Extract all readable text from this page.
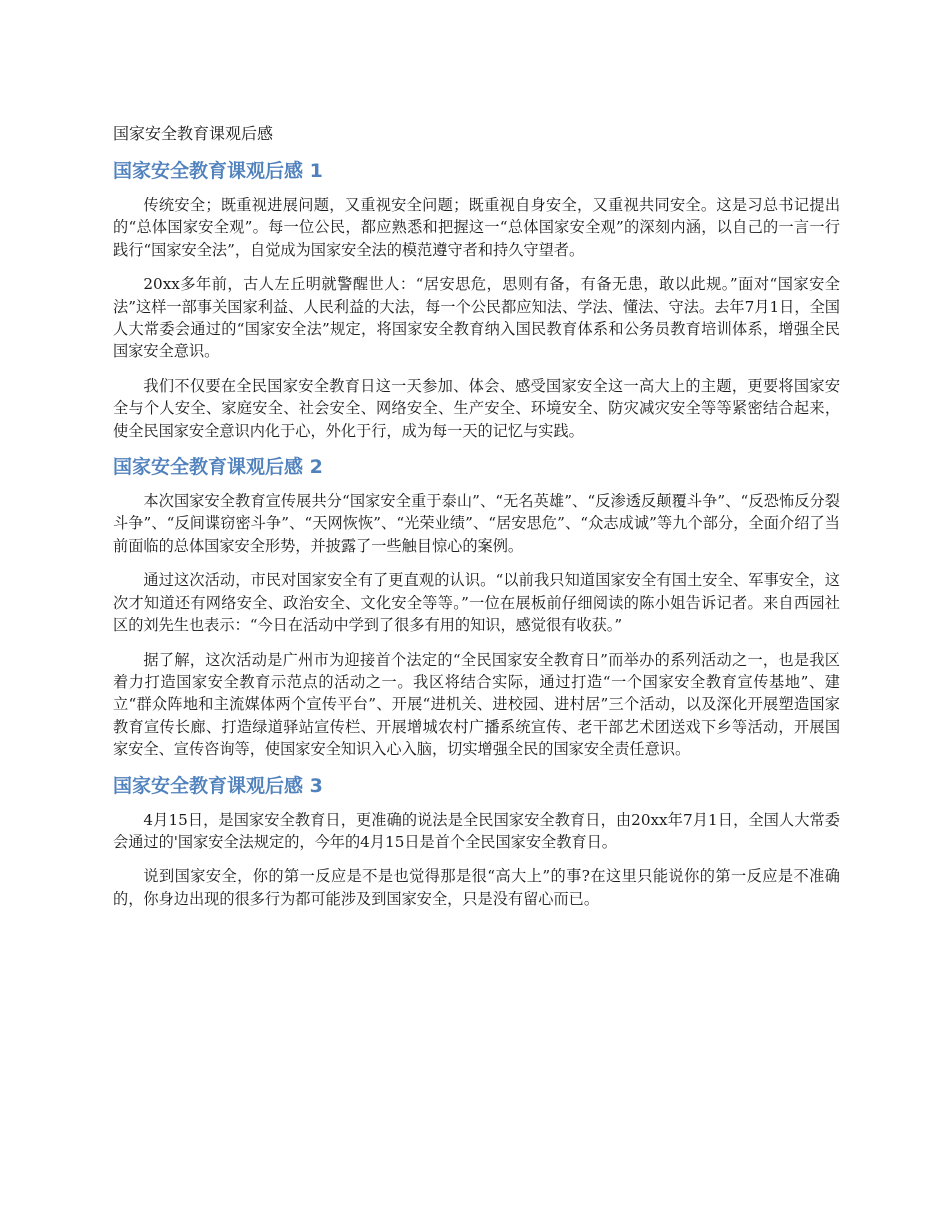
国家安全教育课观后感
国家安全教育课观后感 1

传统安全；既重视进展问题，又重视安全问题；既重视自身安全，又重视共同安全。这是习总书记提出的“总体国家安全观”。每一位公民，都应熟悉和把握这一“总体国家安全观”的深刻内涵，以自己的一言一行践行“国家安全法”，自觉成为国家安全法的模范遵守者和持久守望者。

20xx多年前，古人左丘明就警醒世人：“居安思危，思则有备，有备无患，敢以此规。”面对“国家安全法”这样一部事关国家利益、人民利益的大法，每一个公民都应知法、学法、懂法、守法。去年7月1日，全国人大常委会通过的“国家安全法”规定，将国家安全教育纳入国民教育体系和公务员教育培训体系，增强全民国家安全意识。

我们不仅要在全民国家安全教育日这一天参加、体会、感受国家安全这一高大上的主题，更要将国家安全与个人安全、家庭安全、社会安全、网络安全、生产安全、环境安全、防灾减灾安全等等紧密结合起来，使全民国家安全意识内化于心，外化于行，成为每一天的记忆与实践。

国家安全教育课观后感 2

本次国家安全教育宣传展共分“国家安全重于泰山”、“无名英雄”、“反渗透反颠覆斗争”、“反恐怖反分裂斗争”、“反间谍窃密斗争”、“天网恢恢”、“光荣业绩”、“居安思危”、“众志成诚”等九个部分，全面介绍了当前面临的总体国家安全形势，并披露了一些触目惊心的案例。

通过这次活动，市民对国家安全有了更直观的认识。“以前我只知道国家安全有国土安全、军事安全，这次才知道还有网络安全、政治安全、文化安全等等。”一位在展板前仔细阅读的陈小姐告诉记者。来自西园社区的刘先生也表示：“今日在活动中学到了很多有用的知识，感觉很有收获。”

据了解，这次活动是广州市为迎接首个法定的“全民国家安全教育日”而举办的系列活动之一，也是我区着力打造国家安全教育示范点的活动之一。我区将结合实际，通过打造“一个国家安全教育宣传基地”、建立“群众阵地和主流媒体两个宣传平台”、开展“进机关、进校园、进村居”三个活动，以及深化开展塑造国家教育宣传长廊、打造绿道驿站宣传栏、开展增城农村广播系统宣传、老干部艺术团送戏下乡等活动，开展国家安全、宣传咨询等，使国家安全知识入心入脑，切实增强全民的国家安全责任意识。

国家安全教育课观后感 3

4月15日，是国家安全教育日，更准确的说法是全民国家安全教育日，由20xx年7月1日，全国人大常委会通过的'国家安全法规定的，今年的4月15日是首个全民国家安全教育日。

说到国家安全，你的第一反应是不是也觉得那是很“高大上”的事?在这里只能说你的第一反应是不准确的，你身边出现的很多行为都可能涉及到国家安全，只是没有留心而已。
